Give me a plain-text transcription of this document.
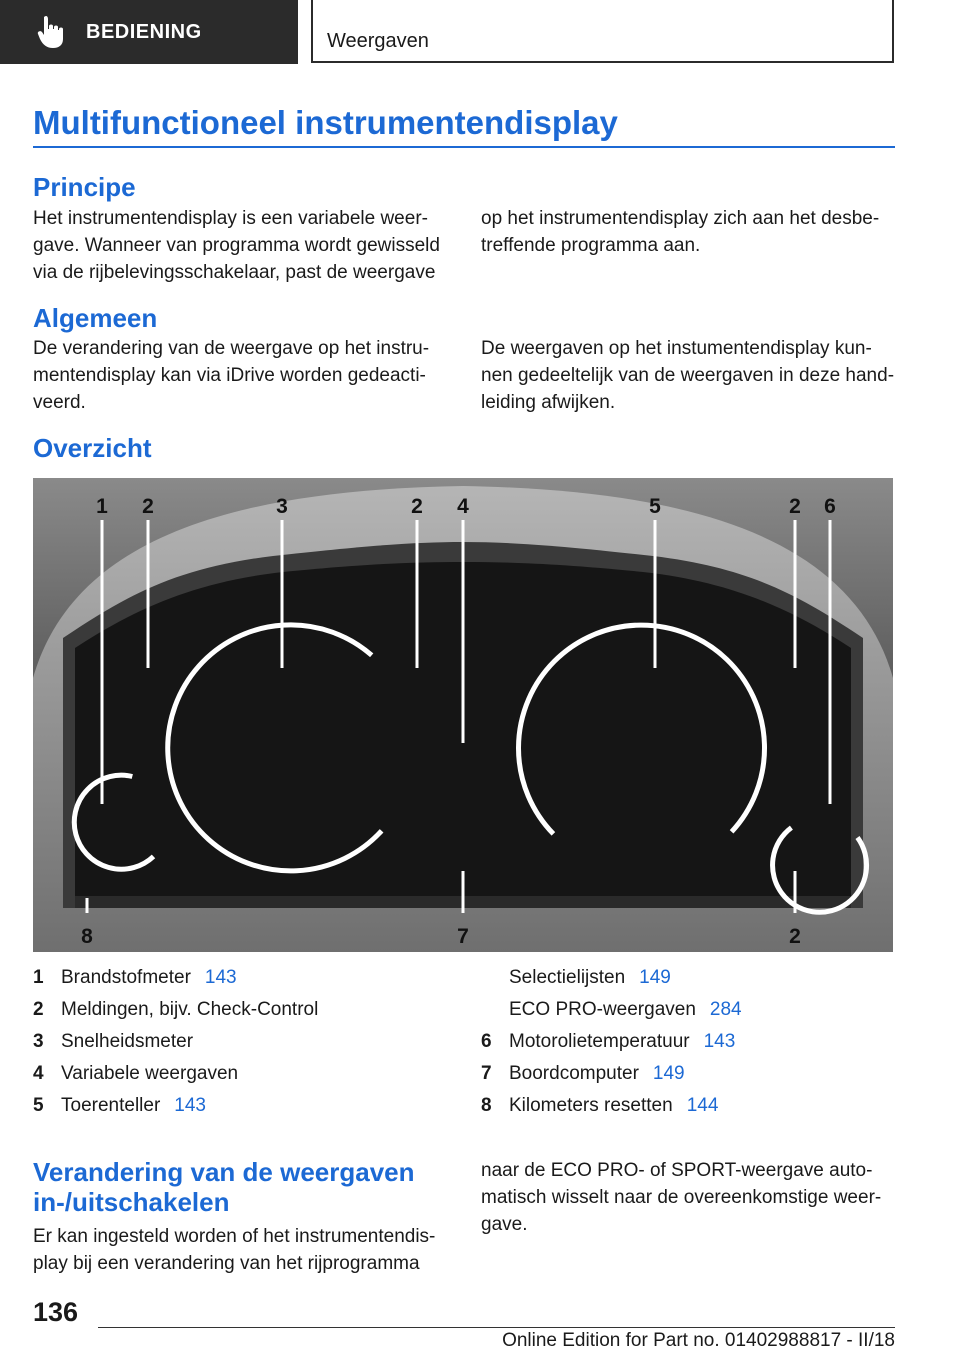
BEDIENING	Weergaven
Multifunctioneel instrumentendisplay
Principe

Het instrumentendisplay is een variabele weer-gave. Wanneer van programma wordt gewisseld via de rijbelevingsschakelaar, past de weergave

op het instrumentendisplay zich aan het desbe-treffende programma aan.

Algemeen

De verandering van de weergave op het instru-mentendisplay kan via iDrive worden gedeacti-veerd.

De weergaven op het instumentendisplay kun-nen gedeeltelijk van de weergaven in deze hand-leiding afwijken.

Overzicht
1 2	3	2 4	5	2 6
8	7	2
1 Brandstofmeter 143
2 Meldingen, bijv. Check-Control
3 Snelheidsmeter
4 Variabele weergaven
5 Toerenteller 143
Selectielijsten 149
ECO PRO-weergaven 284
6 Motorolietemperatuur 143
7 Boordcomputer 149
8 Kilometers resetten 144
Verandering van de weergaven
in-/uitschakelen

Er kan ingesteld worden of het instrumentendis-play bij een verandering van het rijprogramma

naar de ECO PRO- of SPORT-weergave auto-matisch wisselt naar de overeenkomstige weer-gave.

136
Online Edition for Part no. 01402988817 - II/18
